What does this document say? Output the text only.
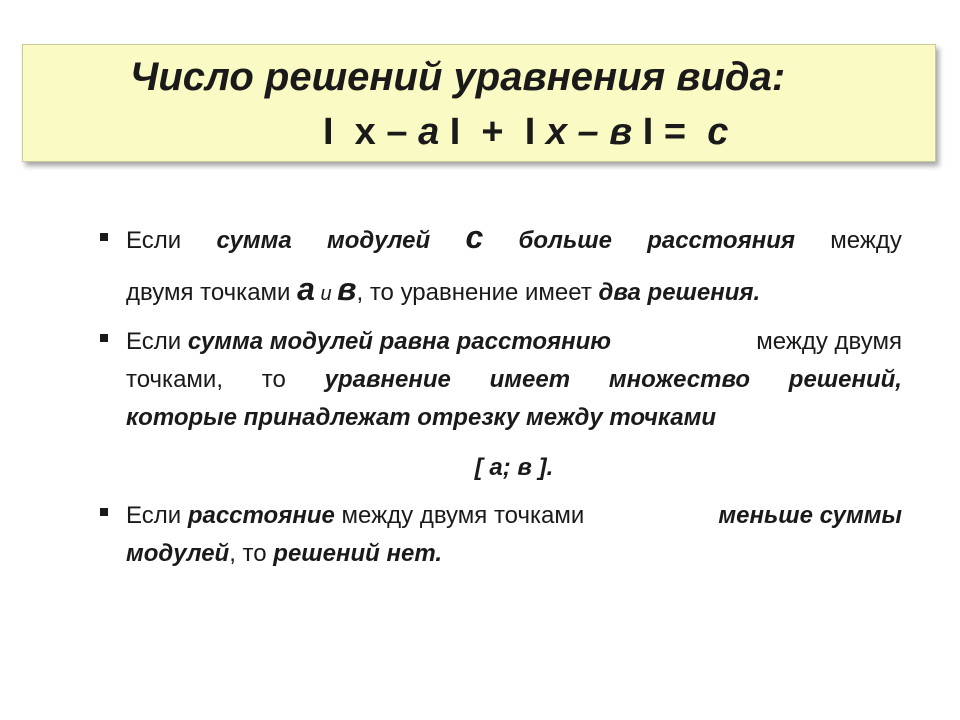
Число решений уравнения вида:
I  x – а I  +  I x – в I =  с
Если сумма модулей с больше расстояния между
двумя точками а и в, то уравнение имеет два решения.
Если сумма модулей равна расстоянию	между двумя
точками, то уравнение имеет множество решений,
которые принадлежат отрезку между точками
[ а; в ].
Если расстояние между двумя точками	меньше суммы
модулей, то решений нет.
